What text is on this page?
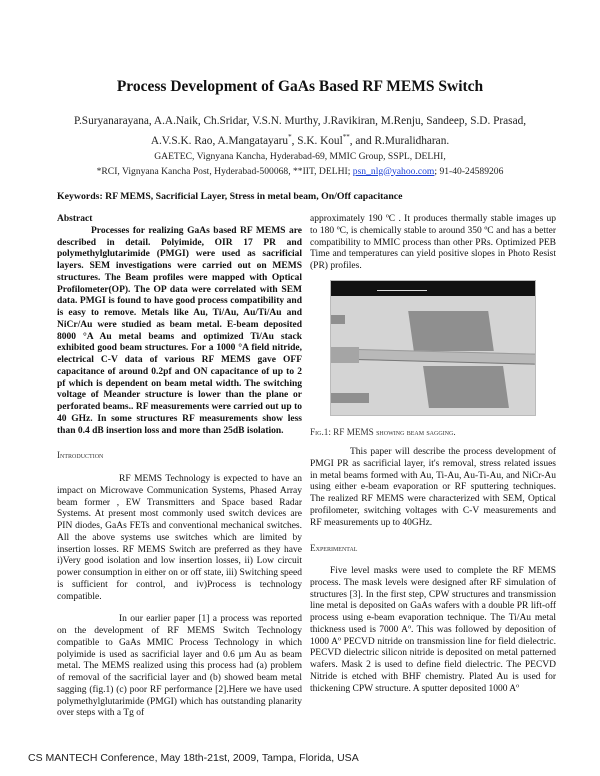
Process Development of GaAs Based RF MEMS Switch
P.Suryanarayana, A.A.Naik, Ch.Sridar, V.S.N. Murthy, J.Ravikiran, M.Renju, Sandeep, S.D. Prasad,
A.V.S.K. Rao, A.Mangatayaru*, S.K. Koul**, and R.Muralidharan.
GAETEC, Vignyana Kancha, Hyderabad-69, MMIC Group, SSPL, DELHI,
*RCI, Vignyana Kancha Post, Hyderabad-500068, **IIT, DELHI; psn_nlg@yahoo.com; 91-40-24589206
Keywords: RF MEMS, Sacrificial Layer, Stress in metal beam, On/Off capacitance

Abstract

Processes for realizing GaAs based RF MEMS are described in detail. Polyimide, OIR 17 PR and polymethylglutarimide (PMGI) were used as sacrificial layers. SEM investigations were carried out on MEMS structures. The Beam profiles were mapped with Optical Profilometer(OP). The OP data were correlated with SEM data. PMGI is found to have good process compatibility and is easy to remove. Metals like Au, Ti/Au, Au/Ti/Au and NiCr/Au were studied as beam metal. E-beam deposited 8000 °A Au metal beams and optimized Ti/Au stack exhibited good beam structures. For a 1000 °A field nitride, electrical C-V data of various RF MEMS gave OFF capacitance of around 0.2pf and ON capacitance of up to 2 pf which is dependent on beam metal width. The switching voltage of Meander structure is lower than the plane or perforated beams.. RF measurements were carried out up to 40 GHz. In some structures RF measurements show less than 0.4 dB insertion loss and more than 25dB isolation.

Introduction

RF MEMS Technology is expected to have an impact on Microwave Communication Systems, Phased Array beam former , EW Transmitters and Space based Radar Systems. At present most commonly used switch devices are PIN diodes, GaAs FETs and conventional mechanical switches. All the above systems use switches which are limited by insertion losses. RF MEMS Switch are preferred as they have i)Very good isolation and low insertion losses, ii) Low circuit power consumption in either on or off state, iii) Switching speed is sufficient for control, and iv)Process is technology compatible.

In our earlier paper [1] a process was reported on the development of RF MEMS Switch Technology compatible to GaAs MMIC Process Technology in which polyimide is used as sacrificial layer and 0.6 µm Au as beam metal. The MEMS realized using this process had (a) problem of removal of the sacrificial layer and (b) showed beam metal sagging (fig.1) (c) poor RF performance [2].Here we have used polymethylglutarimide (PMGI) which has outstanding planarity over steps with a Tg of

approximately 190 ºC . It produces thermally stable images up to 180 ºC, is chemically stable to around 350 ºC and has a better compatibility to MMIC process than other PRs. Optimized PEB Time and temperatures can yield positive slopes in Photo Resist (PR) profiles.

Fig.1: RF MEMS showing beam sagging.

This paper will describe the process development of PMGI PR as sacrificial layer, it's removal, stress related issues in metal beams formed with Au, Ti-Au, Au-Ti-Au, and NiCr-Au using either e-beam evaporation or RF sputtering techniques. The realized RF MEMS were characterized with SEM, Optical profilometer, switching voltages with C-V measurements and RF measurements up to 40GHz.

Experimental

Five level masks were used to complete the RF MEMS process. The mask levels were designed after RF simulation of structures [3]. In the first step, CPW structures and transmission line metal is deposited on GaAs wafers with a double PR lift-off process using e-beam evaporation technique. The Ti/Au metal thickness used is 7000 Aº. This was followed by deposition of 1000 Aº PECVD nitride on transmission line for field dielectric. PECVD dielectric silicon nitride is deposited on metal patterned wafers. Mask 2 is used to define field dielectric. The PECVD Nitride is etched with BHF chemistry. Plated Au is used for thickening CPW structure. A sputter deposited 1000 Aº

CS MANTECH Conference, May 18th-21st, 2009, Tampa, Florida, USA
